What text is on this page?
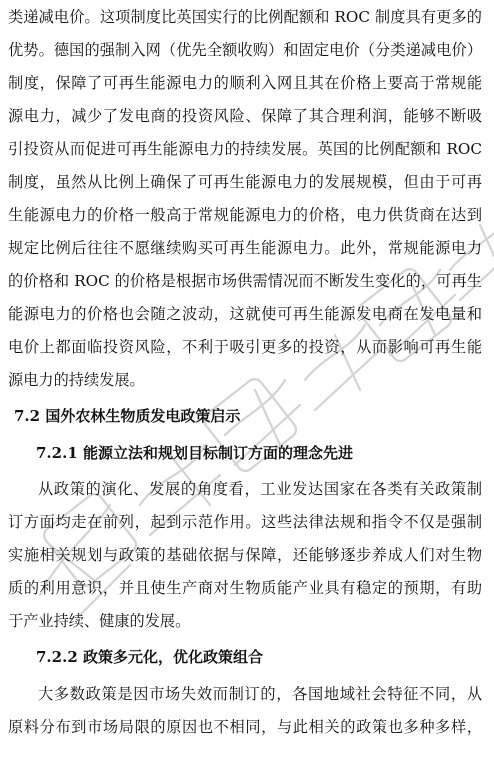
类递减电价。这项制度比英国实行的比例配额和 ROC 制度具有更多的
优势。德国的强制入网（优先全额收购）和固定电价（分类递减电价）
制度，保障了可再生能源电力的顺利入网且其在价格上要高于常规能
源电力，减少了发电商的投资风险、保障了其合理利润，能够不断吸
引投资从而促进可再生能源电力的持续发展。英国的比例配额和 ROC
制度，虽然从比例上确保了可再生能源电力的发展规模，但由于可再
生能源电力的价格一般高于常规能源电力的价格，电力供货商在达到
规定比例后往往不愿继续购买可再生能源电力。此外，常规能源电力
的价格和 ROC 的价格是根据市场供需情况而不断发生变化的，可再生
能源电力的价格也会随之波动，这就使可再生能源发电商在发电量和
电价上都面临投资风险，不利于吸引更多的投资，从而影响可再生能
源电力的持续发展。
7.2 国外农林生物质发电政策启示
7.2.1 能源立法和规划目标制订方面的理念先进
从政策的演化、发展的角度看，工业发达国家在各类有关政策制
订方面均走在前列，起到示范作用。这些法律法规和指令不仅是强制
实施相关规划与政策的基础依据与保障，还能够逐步养成人们对生物
质的利用意识，并且使生产商对生物质能产业具有稳定的预期，有助
于产业持续、健康的发展。
7.2.2 政策多元化，优化政策组合
大多数政策是因市场失效而制订的，各国地域社会特征不同，从
原料分布到市场局限的原因也不相同，与此相关的政策也多种多样，
